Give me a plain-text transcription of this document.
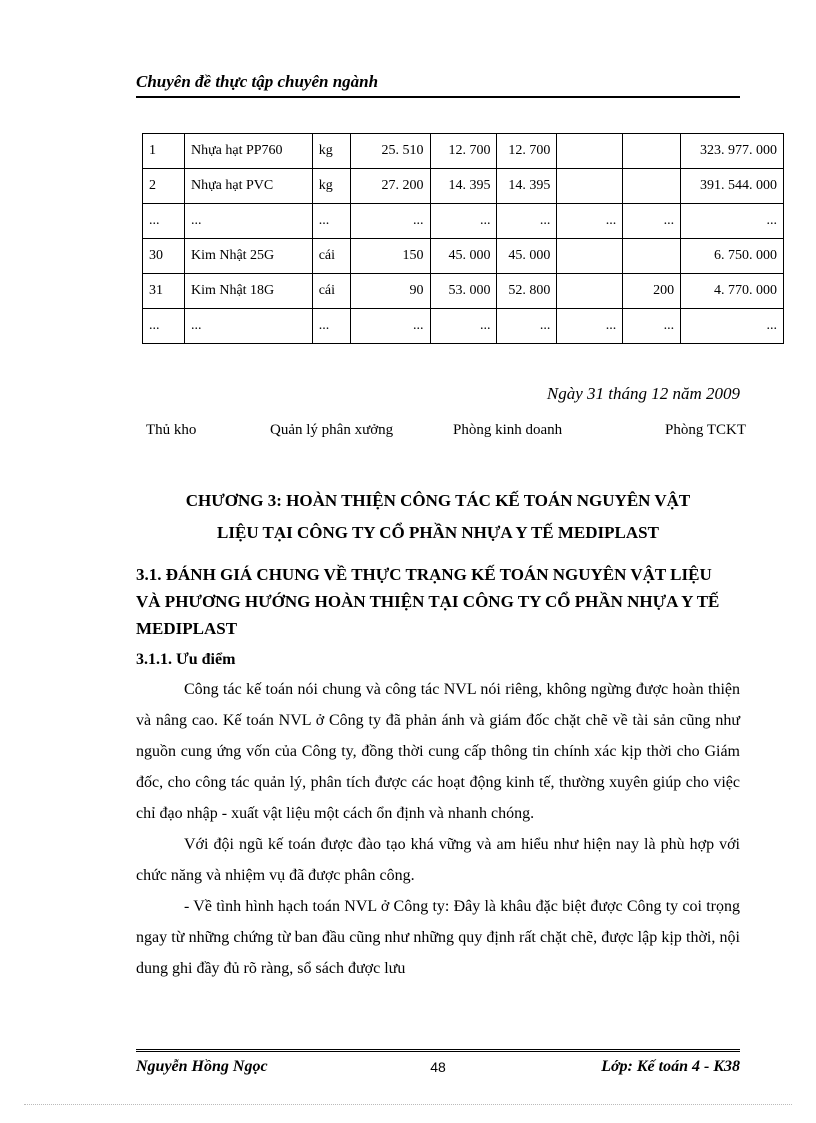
Chuyên đề thực tập chuyên ngành
1	Nhựa hạt PP760	kg	25. 510	12. 700	12. 700			323. 977. 000
2	Nhựa hạt PVC	kg	27. 200	14. 395	14. 395			391. 544. 000
...	...	...	...	...	...	...	...	...
30	Kim Nhật 25G	cái	150	45. 000	45. 000			6. 750. 000
31	Kim Nhật 18G	cái	90	53. 000	52. 800		200	4. 770. 000
...	...	...	...	...	...	...	...	...
Ngày 31 tháng 12 năm 2009
Thủ kho	Quản lý phân xưởng	Phòng kinh doanh	Phòng TCKT
CHƯƠNG 3: HOÀN THIỆN CÔNG TÁC KẾ TOÁN NGUYÊN VẬT
LIỆU TẠI CÔNG TY CỔ PHẦN NHỰA Y TẾ MEDIPLAST
3.1. ĐÁNH GIÁ CHUNG VỀ THỰC TRẠNG KẾ TOÁN NGUYÊN VẬT LIỆU VÀ PHƯƠNG HƯỚNG HOÀN THIỆN TẠI CÔNG TY CỔ PHẦN NHỰA Y TẾ MEDIPLAST
3.1.1. Ưu điểm

Công tác kế toán nói chung và công tác NVL nói riêng, không ngừng được hoàn thiện và nâng cao. Kế toán NVL ở Công ty đã phản ánh và giám đốc chặt chẽ về tài sản cũng như nguồn cung ứng vốn của Công ty, đồng thời cung cấp thông tin chính xác kịp thời cho Giám đốc, cho công tác quản lý, phân tích được các hoạt động kinh tế, thường xuyên giúp cho việc chỉ đạo nhập - xuất vật liệu một cách ổn định và nhanh chóng.

Với đội ngũ kế toán được đào tạo khá vững và am hiểu như hiện nay là phù hợp với chức năng và nhiệm vụ đã được phân công.

- Về tình hình hạch toán NVL ở Công ty: Đây là khâu đặc biệt được Công ty coi trọng ngay từ những chứng từ ban đầu cũng như những quy định rất chặt chẽ, được lập kịp thời, nội dung ghi đầy đủ rõ ràng, sổ sách được lưu

Nguyễn Hồng Ngọc	48	Lớp: Kế toán 4 - K38
